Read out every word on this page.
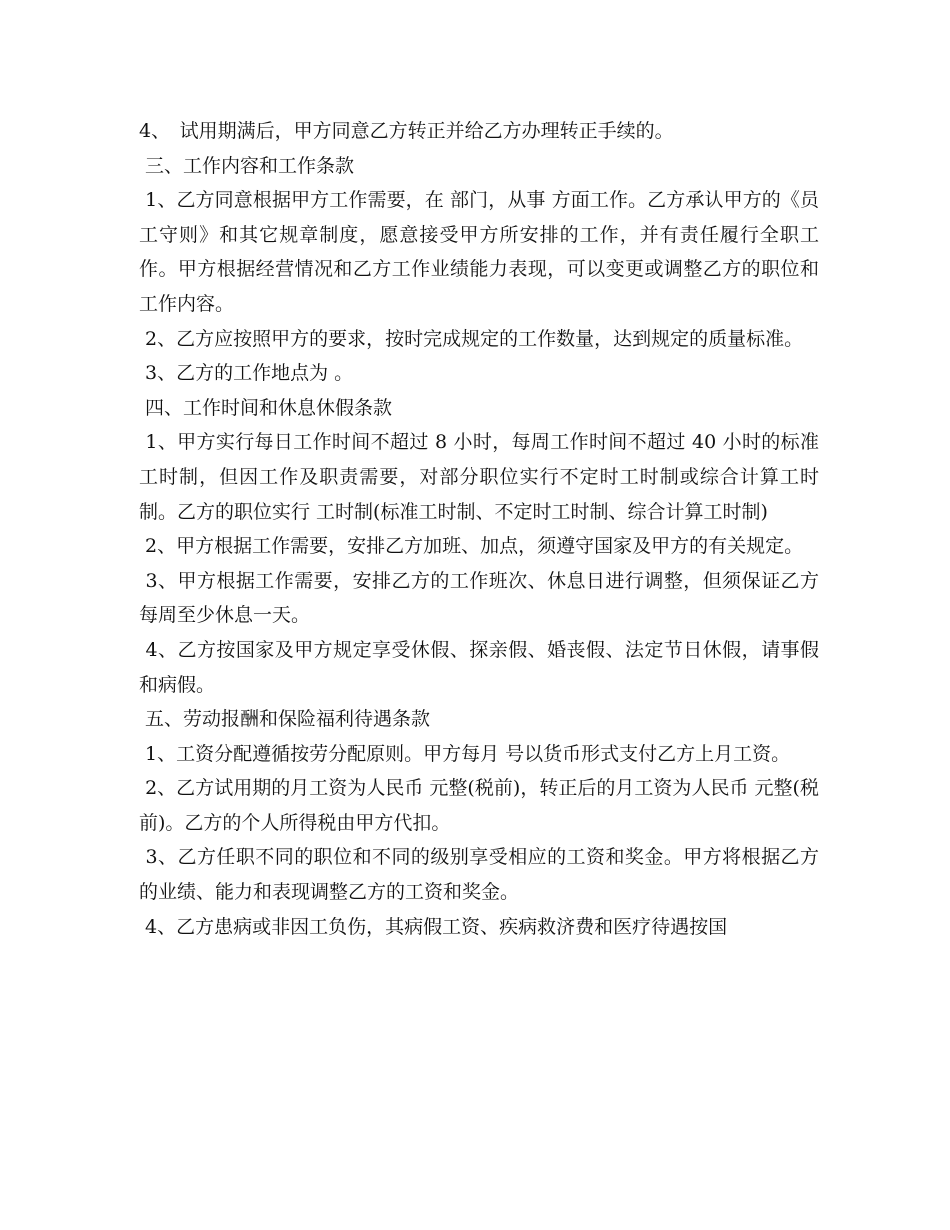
4、　试用期满后，甲方同意乙方转正并给乙方办理转正手续的。

三、工作内容和工作条款

1、乙方同意根据甲方工作需要，在 部门，从事 方面工作。乙方承认甲方的《员工守则》和其它规章制度，愿意接受甲方所安排的工作，并有责任履行全职工作。甲方根据经营情况和乙方工作业绩能力表现，可以变更或调整乙方的职位和工作内容。

2、乙方应按照甲方的要求，按时完成规定的工作数量，达到规定的质量标准。

3、乙方的工作地点为 。

四、工作时间和休息休假条款

1、甲方实行每日工作时间不超过 8 小时，每周工作时间不超过 40 小时的标准工时制，但因工作及职责需要，对部分职位实行不定时工时制或综合计算工时制。乙方的职位实行 工时制(标准工时制、不定时工时制、综合计算工时制)

2、甲方根据工作需要，安排乙方加班、加点，须遵守国家及甲方的有关规定。

3、甲方根据工作需要，安排乙方的工作班次、休息日进行调整，但须保证乙方每周至少休息一天。

4、乙方按国家及甲方规定享受休假、探亲假、婚丧假、法定节日休假，请事假和病假。

五、劳动报酬和保险福利待遇条款

1、工资分配遵循按劳分配原则。甲方每月 号以货币形式支付乙方上月工资。

2、乙方试用期的月工资为人民币 元整(税前)，转正后的月工资为人民币 元整(税前)。乙方的个人所得税由甲方代扣。

3、乙方任职不同的职位和不同的级别享受相应的工资和奖金。甲方将根据乙方的业绩、能力和表现调整乙方的工资和奖金。

4、乙方患病或非因工负伤，其病假工资、疾病救济费和医疗待遇按国
